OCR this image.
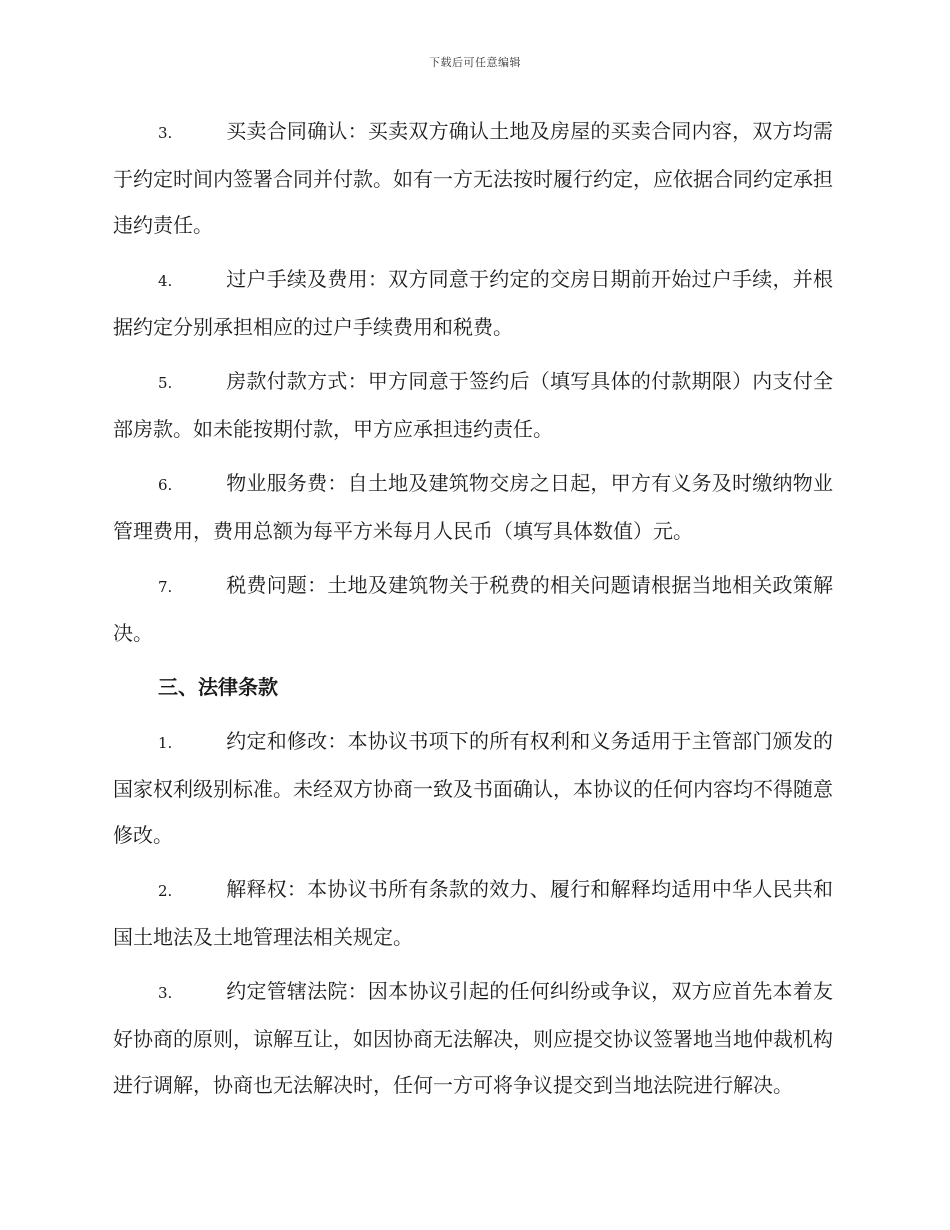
下载后可任意编辑

3.	买卖合同确认：买卖双方确认土地及房屋的买卖合同内容，双方均需于约定时间内签署合同并付款。如有一方无法按时履行约定，应依据合同约定承担违约责任。

4.	过户手续及费用：双方同意于约定的交房日期前开始过户手续，并根据约定分别承担相应的过户手续费用和税费。

5.	房款付款方式：甲方同意于签约后（填写具体的付款期限）内支付全部房款。如未能按期付款，甲方应承担违约责任。

6.	物业服务费：自土地及建筑物交房之日起，甲方有义务及时缴纳物业管理费用，费用总额为每平方米每月人民币（填写具体数值）元。

7.	税费问题：土地及建筑物关于税费的相关问题请根据当地相关政策解决。

三、法律条款

1.	约定和修改：本协议书项下的所有权利和义务适用于主管部门颁发的国家权利级别标准。未经双方协商一致及书面确认，本协议的任何内容均不得随意修改。

2.	解释权：本协议书所有条款的效力、履行和解释均适用中华人民共和国土地法及土地管理法相关规定。

3.	约定管辖法院：因本协议引起的任何纠纷或争议，双方应首先本着友好协商的原则，谅解互让，如因协商无法解决，则应提交协议签署地当地仲裁机构进行调解，协商也无法解决时，任何一方可将争议提交到当地法院进行解决。
